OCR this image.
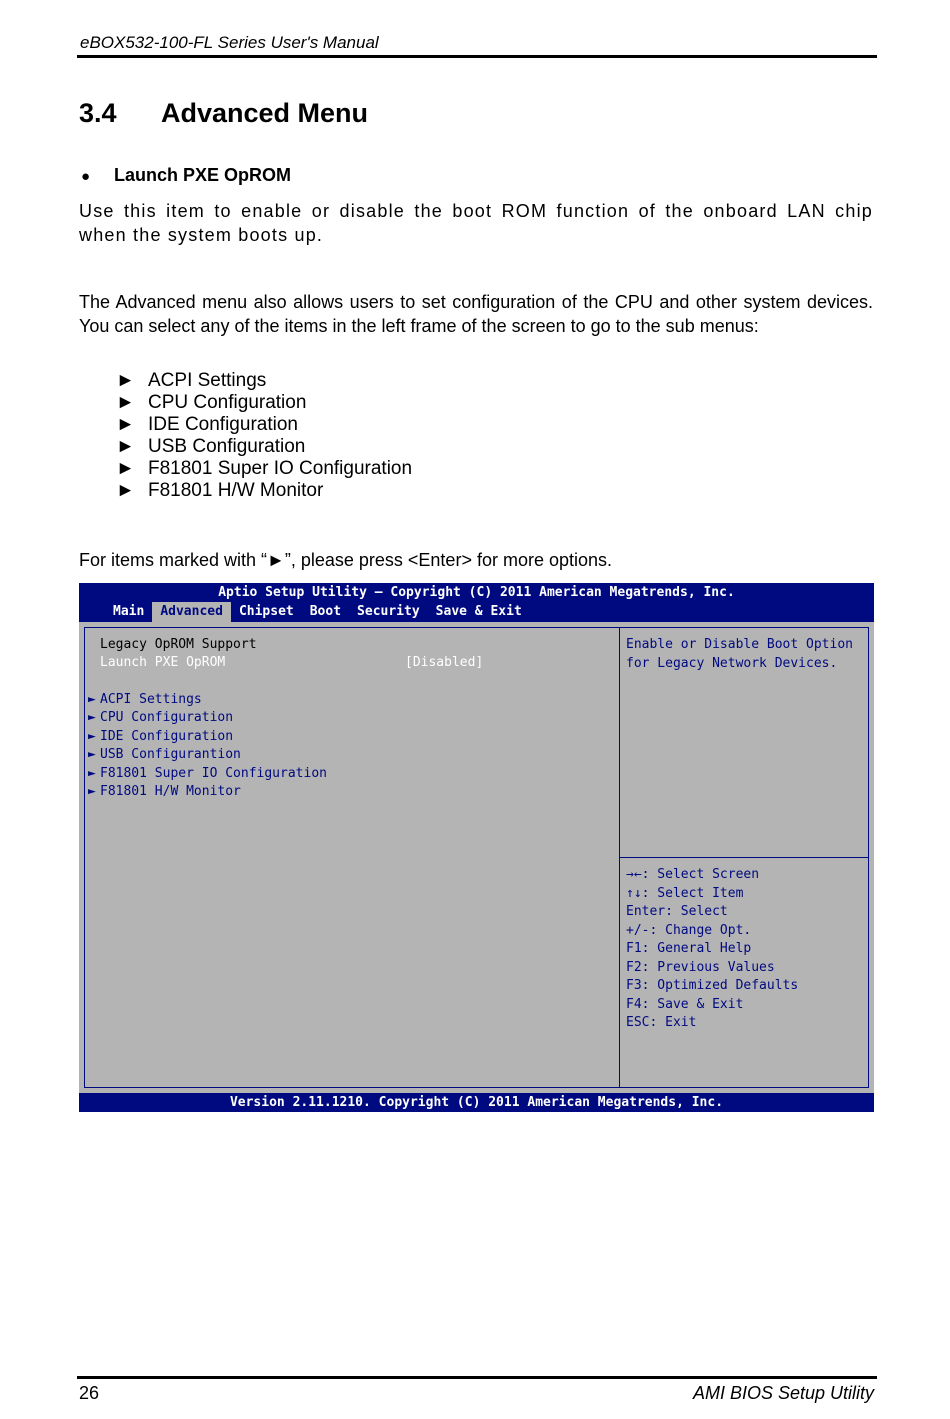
eBOX532-100-FL Series User's Manual
3.4 Advanced Menu
● Launch PXE OpROM
Use this item to enable or disable the boot ROM function of the onboard LAN chip when the system boots up.
The Advanced menu also allows users to set configuration of the CPU and other system devices. You can select any of the items in the left frame of the screen to go to the sub menus:
► ACPI Settings
► CPU Configuration
► IDE Configuration
► USB Configuration
► F81801 Super IO Configuration
► F81801 H/W Monitor
For items marked with “►”, please press <Enter> for more options.
Aptio Setup Utility – Copyright (C) 2011 American Megatrends, Inc.
Main	Advanced	Chipset	Boot	Security	Save & Exit
Legacy OpROM Support
Launch PXE OpROM	[Disabled]
► ACPI Settings
► CPU Configuration
► IDE Configuration
► USB Configurantion
► F81801 Super IO Configuration
► F81801 H/W Monitor
Enable or Disable Boot Option for Legacy Network Devices.
→←: Select Screen
↑↓: Select Item
Enter: Select
+/-: Change Opt.
F1: General Help
F2: Previous Values
F3: Optimized Defaults
F4: Save & Exit
ESC: Exit
Version 2.11.1210. Copyright (C) 2011 American Megatrends, Inc.
26	AMI BIOS Setup Utility
